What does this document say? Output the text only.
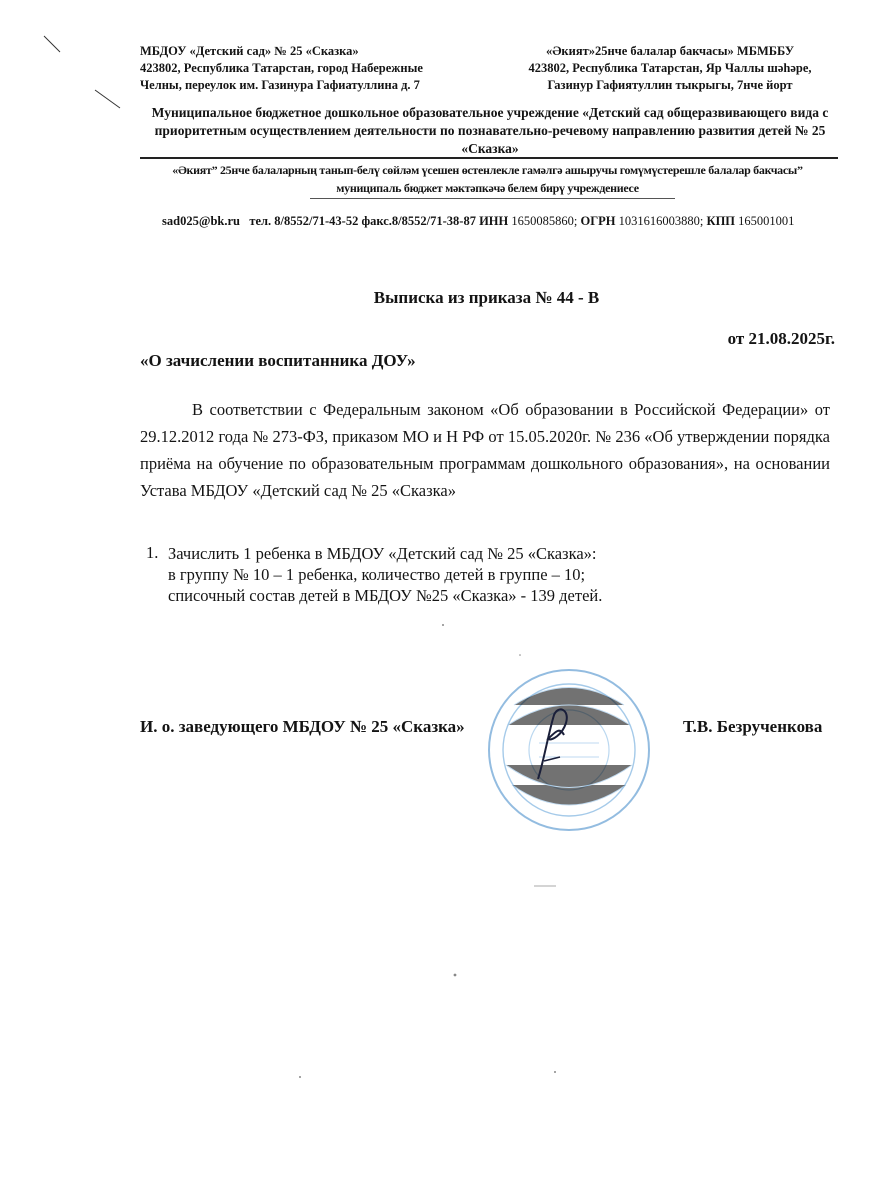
МБДОУ «Детский сад» № 25 «Сказка»
423802, Республика Татарстан, город Набережные
Челны, переулок им. Газинура Гафиатуллина д. 7
«Әкият»25нче балалар бакчасы» МБМББУ
423802, Республика Татарстан, Яр Чаллы шәһәре,
Газинур Гафиятуллин тыкрыгы, 7нче йорт
Муниципальное бюджетное дошкольное образовательное учреждение «Детский сад общеразвивающего вида с приоритетным осуществлением деятельности по познавательно-речевому направлению развития детей № 25 «Сказка»
«Әкият” 25нче балаларның танып-белү сөйләм үсешен өстенлекле гамәлгә ашыручы гомүмүстерешле балалар бакчасы” муниципаль бюджет мәктәпкәчә белем бирү учреждениесе
sad025@bk.ru тел. 8/8552/71-43-52 факс.8/8552/71-38-87 ИНН 1650085860; ОГРН 1031616003880; КПП 165001001
Выписка из приказа № 44 - В
от 21.08.2025г.
«О зачислении воспитанника ДОУ»
В соответствии с Федеральным законом «Об образовании в Российской Федерации» от 29.12.2012 года № 273-ФЗ, приказом МО и Н РФ от 15.05.2020г. № 236 «Об утверждении порядка приёма на обучение по образовательным программам дошкольного образования», на основании Устава МБДОУ «Детский сад № 25 «Сказка»
1. Зачислить 1 ребенка в МБДОУ «Детский сад № 25 «Сказка»:
в группу № 10 – 1 ребенка, количество детей в группе – 10;
списочный состав детей в МБДОУ №25 «Сказка» - 139 детей.
И. о. заведующего МБДОУ № 25 «Сказка»	Т.В. Безрученкова
